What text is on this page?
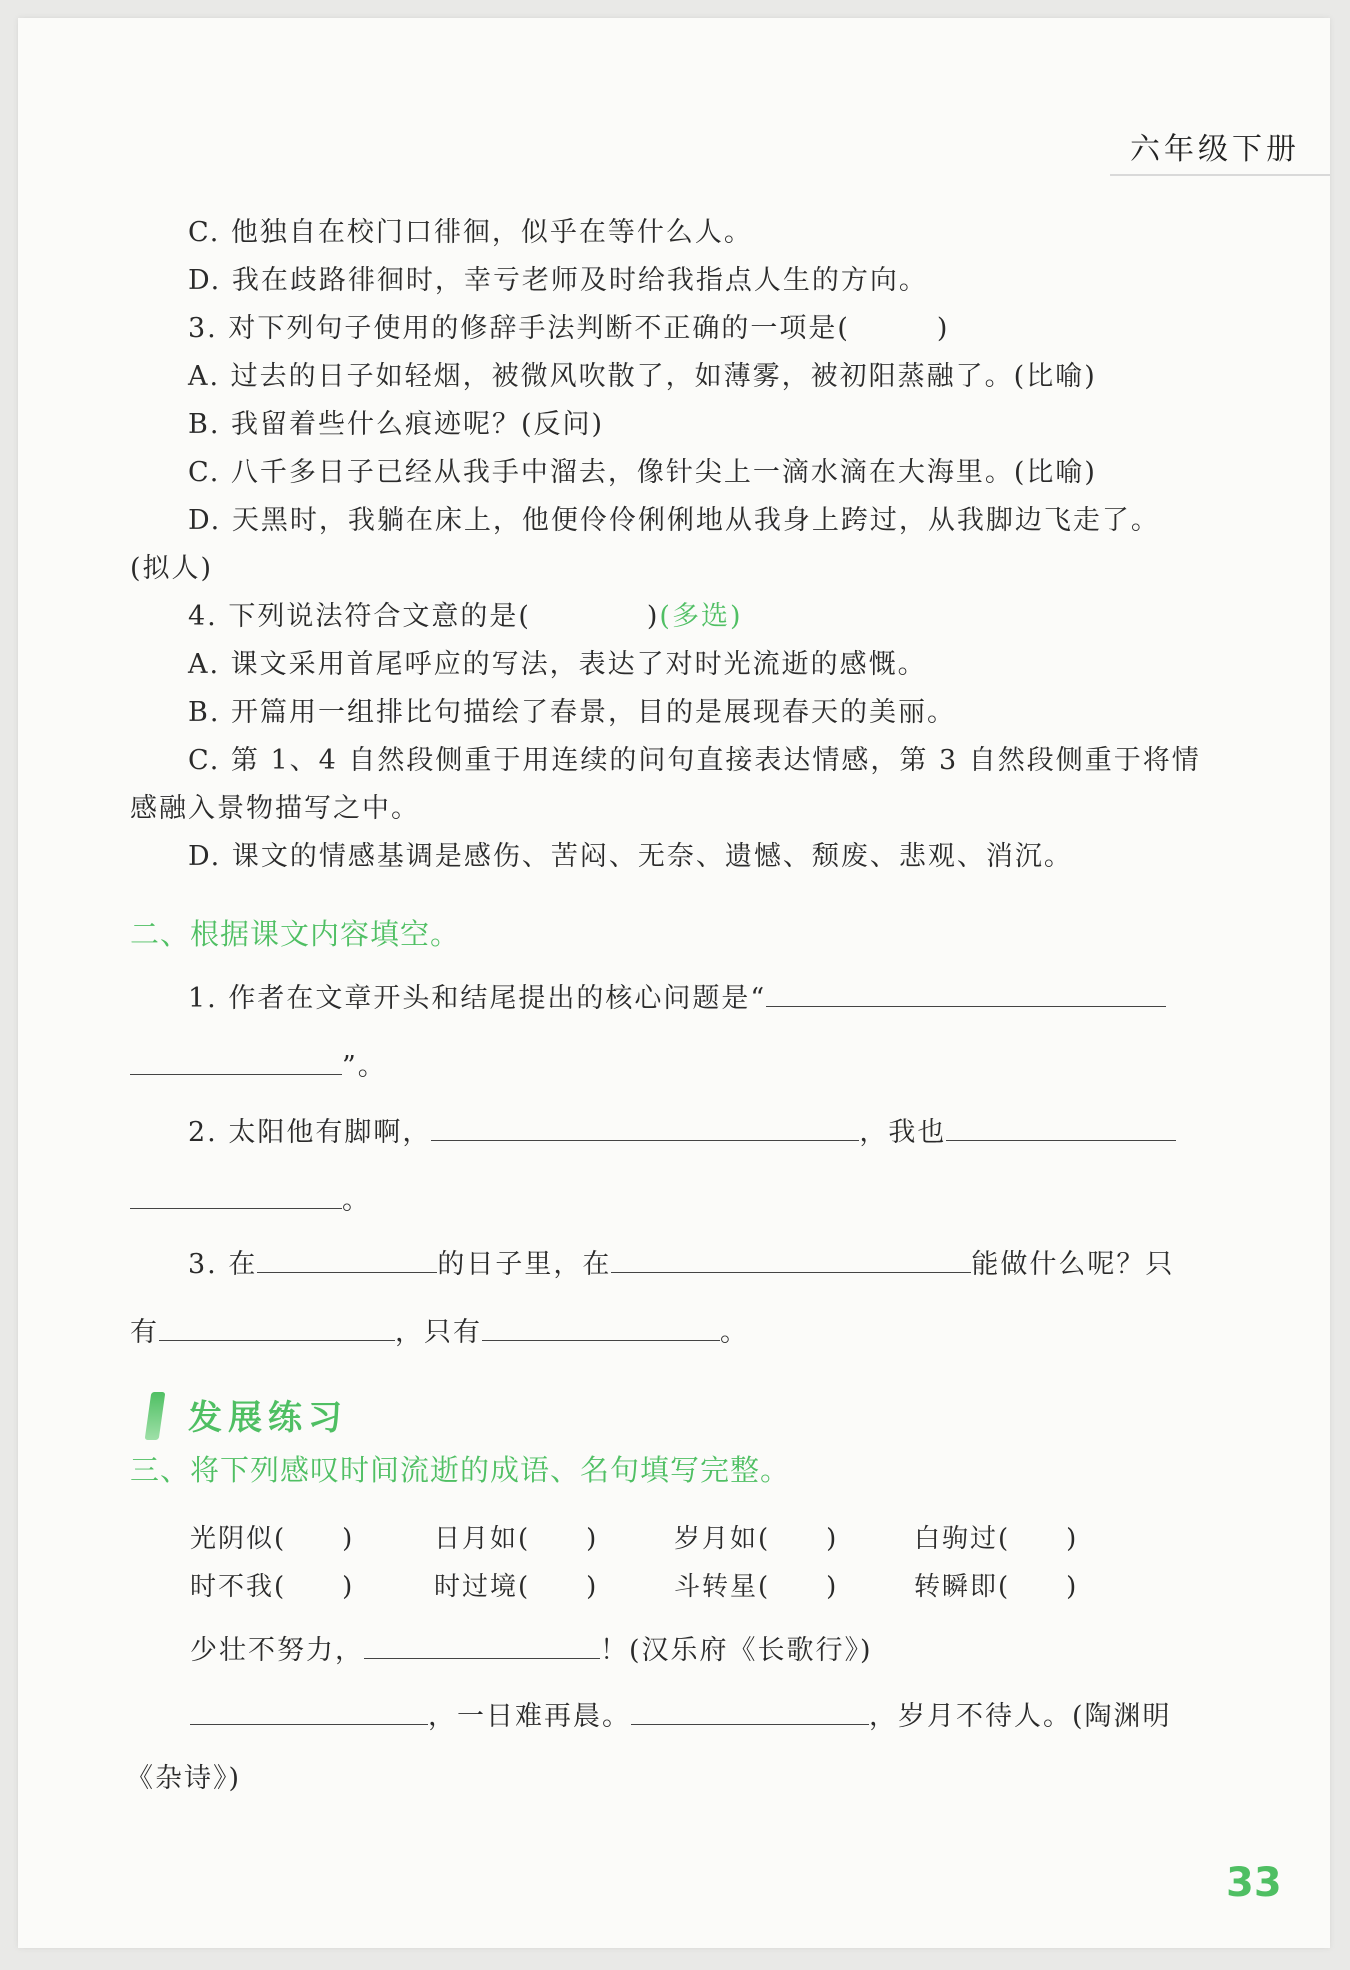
六年级下册
C. 他独自在校门口徘徊，似乎在等什么人。
D. 我在歧路徘徊时，幸亏老师及时给我指点人生的方向。
3. 对下列句子使用的修辞手法判断不正确的一项是(　　　)
A. 过去的日子如轻烟，被微风吹散了，如薄雾，被初阳蒸融了。(比喻)
B. 我留着些什么痕迹呢？(反问)
C. 八千多日子已经从我手中溜去，像针尖上一滴水滴在大海里。(比喻)
D. 天黑时，我躺在床上，他便伶伶俐俐地从我身上跨过，从我脚边飞走了。
(拟人)
4. 下列说法符合文意的是(　　　　)(多选)
A. 课文采用首尾呼应的写法，表达了对时光流逝的感慨。
B. 开篇用一组排比句描绘了春景，目的是展现春天的美丽。
C. 第 1、4 自然段侧重于用连续的问句直接表达情感，第 3 自然段侧重于将情
感融入景物描写之中。
D. 课文的情感基调是感伤、苦闷、无奈、遗憾、颓废、悲观、消沉。
二、根据课文内容填空。
1. 作者在文章开头和结尾提出的核心问题是“
”。
2. 太阳他有脚啊，	，我也
。
3. 在	的日子里，在	能做什么呢？只
有	，只有	。
发展练习
三、将下列感叹时间流逝的成语、名句填写完整。
光阴似(　　)	日月如(　　)	岁月如(　　)	白驹过(　　)
时不我(　　)	时过境(　　)	斗转星(　　)	转瞬即(　　)
少壮不努力，	！(汉乐府《长歌行》)
，一日难再晨。	，岁月不待人。(陶渊明
《杂诗》)
33
